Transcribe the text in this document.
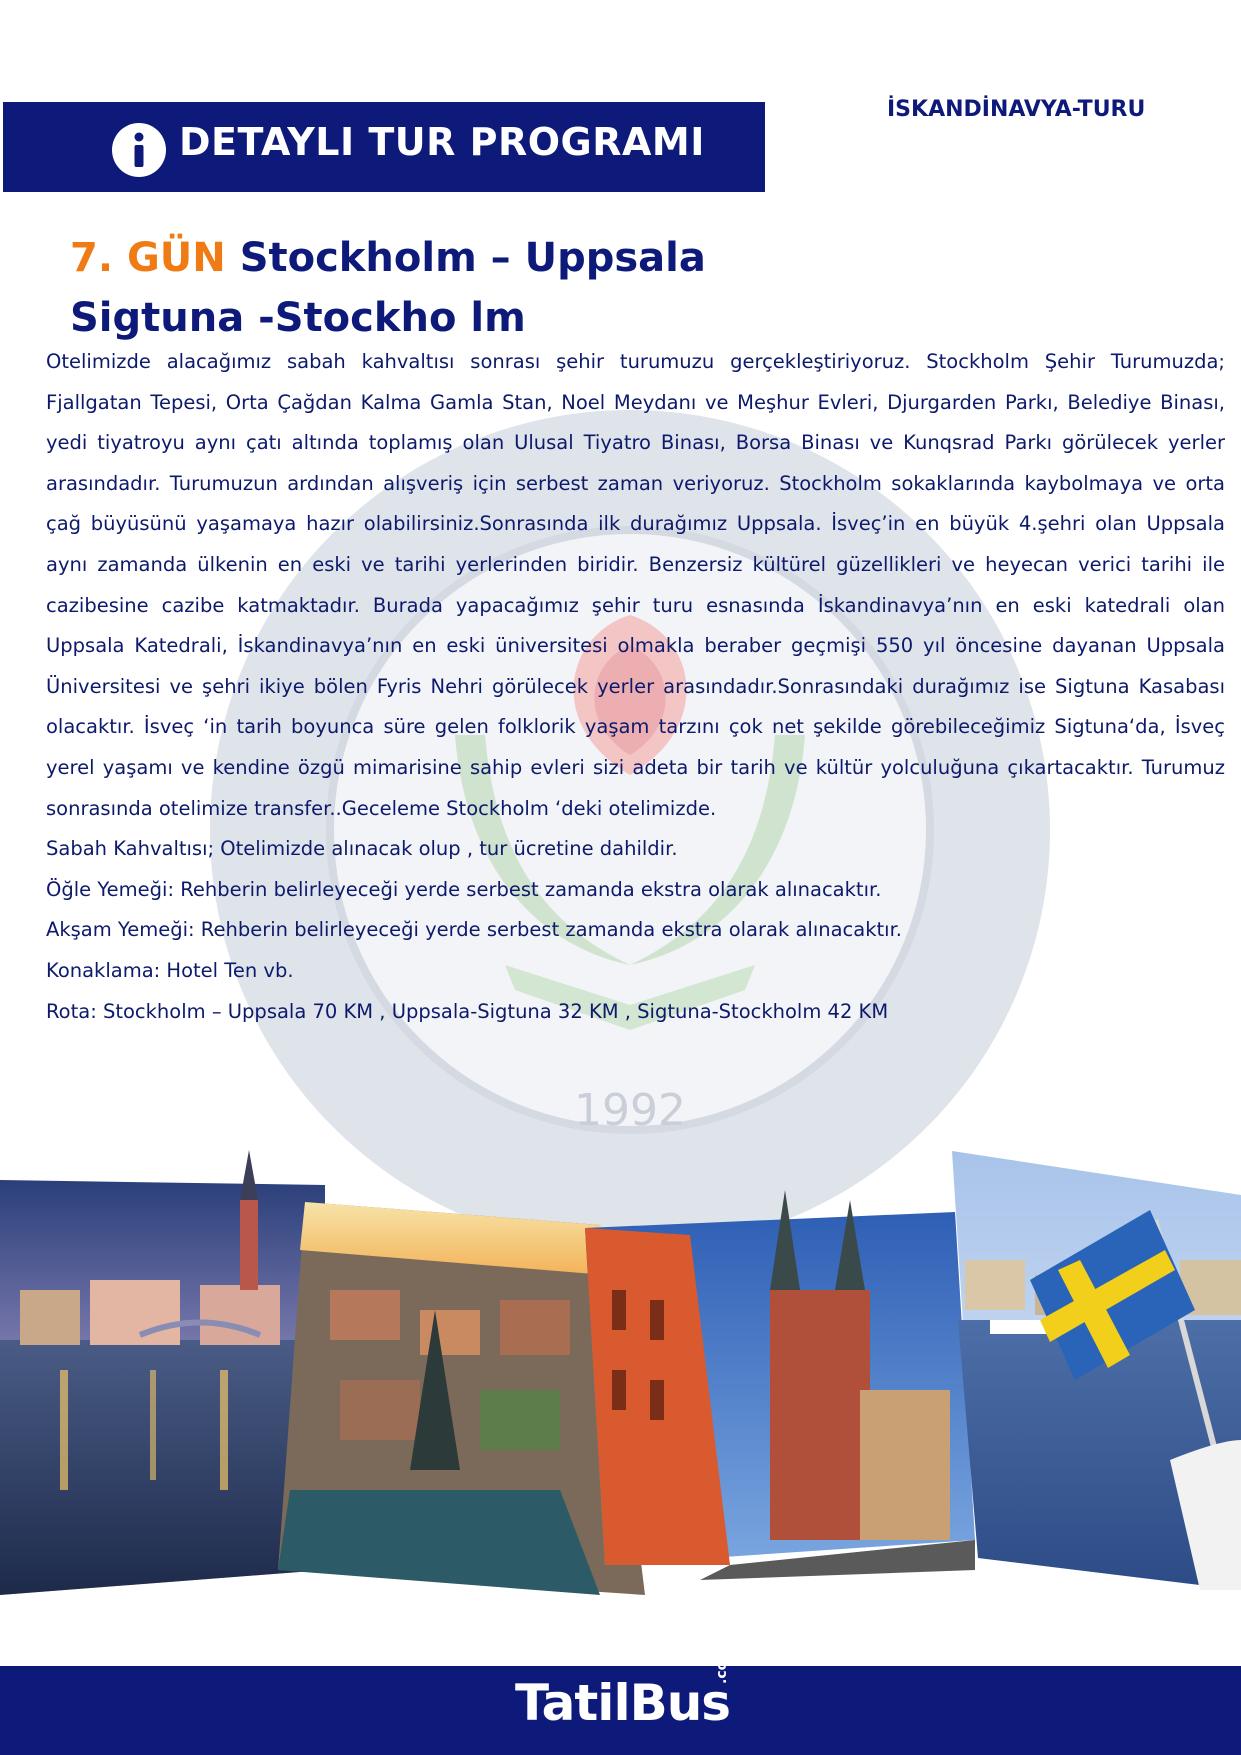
1992
DETAYLI TUR PROGRAMI
İSKANDİNAVYA-TURU
7. GÜN Stockholm – Uppsala
Sigtuna -Stockho lm

Otelimizde alacağımız sabah kahvaltısı sonrası şehir turumuzu gerçekleştiriyoruz. Stockholm Şehir Turumuzda; Fjallgatan Tepesi, Orta Çağdan Kalma Gamla Stan, Noel Meydanı ve Meşhur Evleri, Djurgarden Parkı, Belediye Binası, yedi tiyatroyu aynı çatı altında toplamış olan Ulusal Tiyatro Binası, Borsa Binası ve Kunqsrad Parkı görülecek yerler arasındadır. Turumuzun ardından alışveriş için serbest zaman veriyoruz. Stockholm sokaklarında kaybolmaya ve orta çağ büyüsünü yaşamaya hazır olabilirsiniz.Sonrasında ilk durağımız Uppsala. İsveç’in en büyük 4.şehri olan Uppsala aynı zamanda ülkenin en eski ve tarihi yerlerinden biridir. Benzersiz kültürel güzellikleri ve heyecan verici tarihi ile cazibesine cazibe katmaktadır. Burada yapacağımız şehir turu esnasında İskandinavya’nın en eski katedrali olan Uppsala Katedrali, İskandinavya’nın en eski üniversitesi olmakla beraber geçmişi 550 yıl öncesine dayanan Uppsala Üniversitesi ve şehri ikiye bölen Fyris Nehri görülecek yerler arasındadır.Sonrasındaki durağımız ise Sigtuna Kasabası olacaktır. İsveç ‘in tarih boyunca süre gelen folklorik yaşam tarzını çok net şekilde görebileceğimiz Sigtuna‘da, İsveç yerel yaşamı ve kendine özgü mimarisine sahip evleri sizi adeta bir tarih ve kültür yolculuğuna çıkartacaktır. Turumuz sonrasında otelimize transfer..Geceleme Stockholm ‘deki otelimizde.

Sabah Kahvaltısı; Otelimizde alınacak olup , tur ücretine dahildir.

Öğle Yemeği: Rehberin belirleyeceği yerde serbest zamanda ekstra olarak alınacaktır.

Akşam Yemeği: Rehberin belirleyeceği yerde serbest zamanda ekstra olarak alınacaktır.

Konaklama: Hotel Ten vb.

Rota: Stockholm – Uppsala 70 KM , Uppsala-Sigtuna 32 KM , Sigtuna-Stockholm 42 KM

TatilBus
.com
